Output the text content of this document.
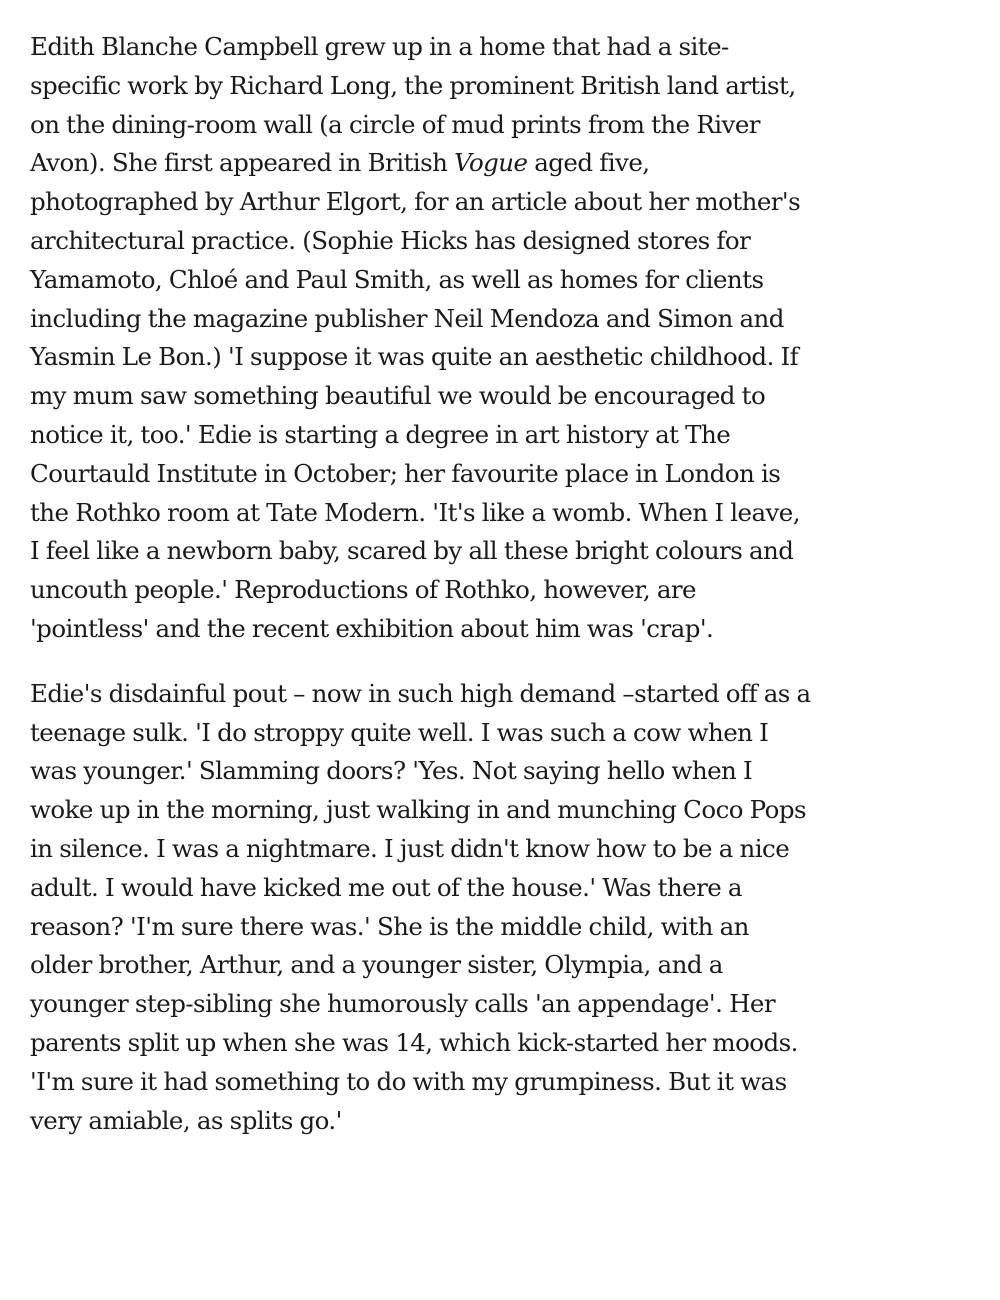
Edith Blanche Campbell grew up in a home that had a site-specific work by Richard Long, the prominent British land artist, on the dining-room wall (a circle of mud prints from the River Avon). She first appeared in British Vogue aged five, photographed by Arthur Elgort, for an article about her mother's architectural practice. (Sophie Hicks has designed stores for Yamamoto, Chloé and Paul Smith, as well as homes for clients including the magazine publisher Neil Mendoza and Simon and Yasmin Le Bon.) 'I suppose it was quite an aesthetic childhood. If my mum saw something beautiful we would be encouraged to notice it, too.' Edie is starting a degree in art history at The Courtauld Institute in October; her favourite place in London is the Rothko room at Tate Modern. 'It's like a womb. When I leave, I feel like a newborn baby, scared by all these bright colours and uncouth people.' Reproductions of Rothko, however, are 'pointless' and the recent exhibition about him was 'crap'.

Edie's disdainful pout – now in such high demand –started off as a teenage sulk. 'I do stroppy quite well. I was such a cow when I was younger.' Slamming doors? 'Yes. Not saying hello when I woke up in the morning, just walking in and munching Coco Pops in silence. I was a nightmare. I just didn't know how to be a nice adult. I would have kicked me out of the house.' Was there a reason? 'I'm sure there was.' She is the middle child, with an older brother, Arthur, and a younger sister, Olympia, and a younger step-sibling she humorously calls 'an appendage'. Her parents split up when she was 14, which kick-started her moods. 'I'm sure it had something to do with my grumpiness. But it was very amiable, as splits go.'
